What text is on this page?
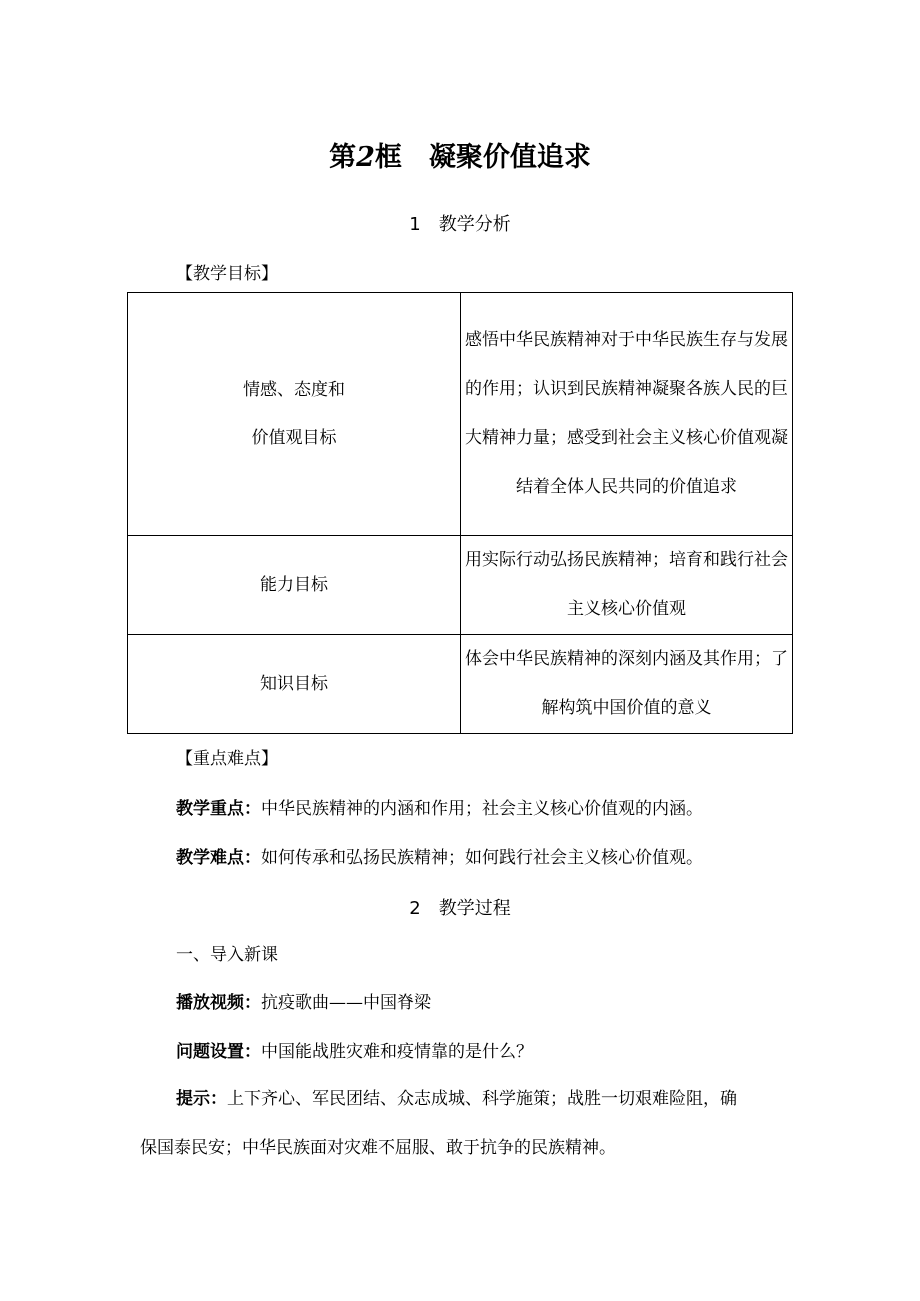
第2框　凝聚价值追求
1　教学分析
【教学目标】
情感、态度和
价值观目标	感悟中华民族精神对于中华民族生存与发展的作用；认识到民族精神凝聚各族人民的巨大精神力量；感受到社会主义核心价值观凝结着全体人民共同的价值追求
能力目标	用实际行动弘扬民族精神；培育和践行社会主义核心价值观
知识目标	体会中华民族精神的深刻内涵及其作用；了解构筑中国价值的意义
【重点难点】
教学重点：中华民族精神的内涵和作用；社会主义核心价值观的内涵。
教学难点：如何传承和弘扬民族精神；如何践行社会主义核心价值观。
2　教学过程
一、导入新课
播放视频：抗疫歌曲——中国脊梁
问题设置：中国能战胜灾难和疫情靠的是什么？
提示：上下齐心、军民团结、众志成城、科学施策；战胜一切艰难险阻，确
保国泰民安；中华民族面对灾难不屈服、敢于抗争的民族精神。
